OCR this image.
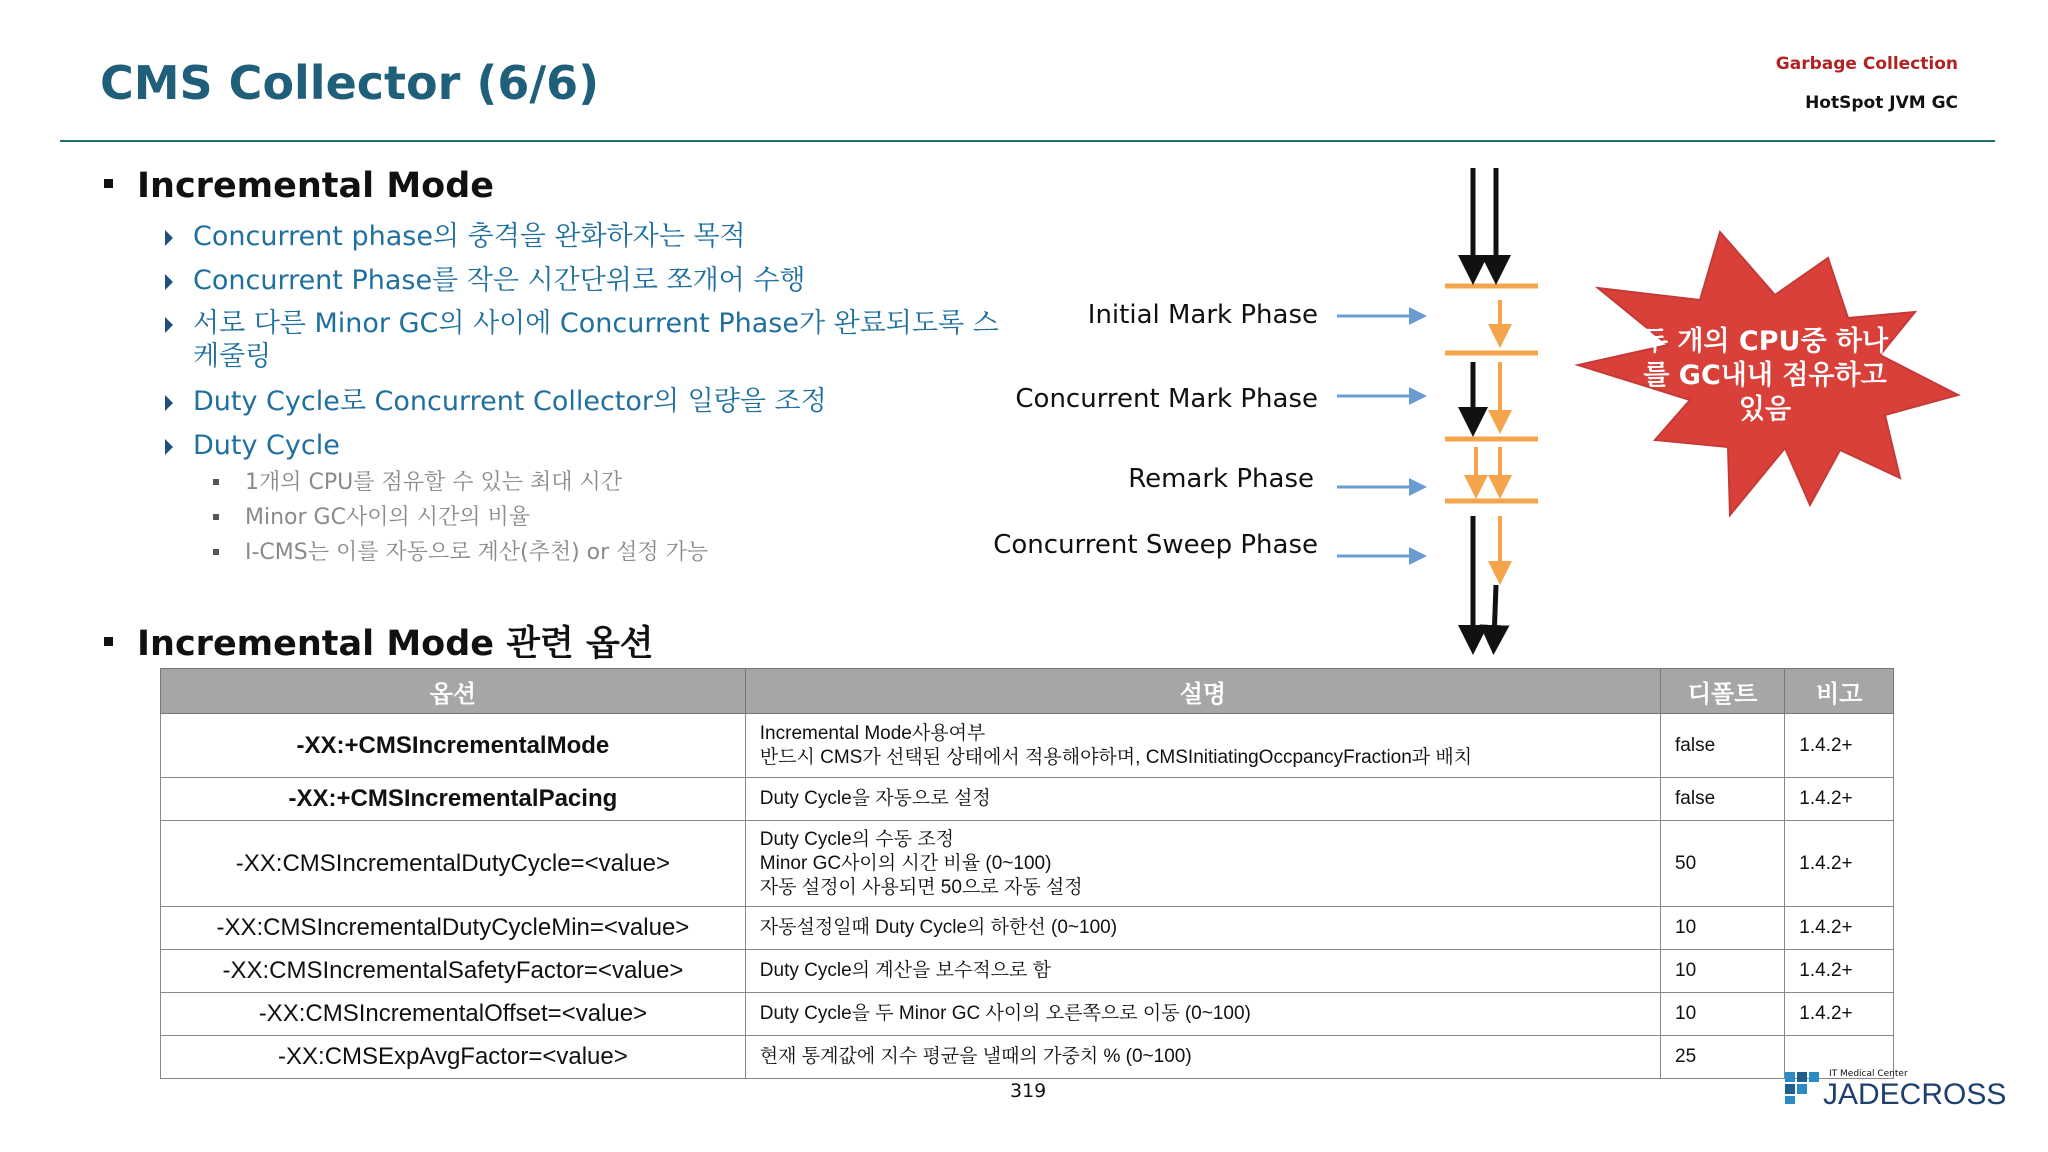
CMS Collector (6/6)	Garbage Collection
HotSpot JVM GC
Incremental Mode
Concurrent phase의 충격을 완화하자는 목적
Concurrent Phase를 작은 시간단위로 쪼개어 수행
서로 다른 Minor GC의 사이에 Concurrent Phase가 완료되도록 스케줄링
Duty Cycle로 Concurrent Collector의 일량을 조정
Duty Cycle
1개의 CPU를 점유할 수 있는 최대 시간
Minor GC사이의 시간의 비율
I-CMS는 이를 자동으로 계산(추천) or 설정 가능
Initial Mark Phase
Concurrent Mark Phase
Remark Phase
Concurrent Sweep Phase
두 개의 CPU중 하나를 GC내내 점유하고 있음
Incremental Mode 관련 옵션
옵션	설명	디폴트	비고
-XX:+CMSIncrementalMode	Incremental Mode사용여부
반드시 CMS가 선택된 상태에서 적용해야하며, CMSInitiatingOccpancyFraction과 배치	false	1.4.2+
-XX:+CMSIncrementalPacing	Duty Cycle을 자동으로 설정	false	1.4.2+
-XX:CMSIncrementalDutyCycle=<value>	Duty Cycle의 수동 조정
Minor GC사이의 시간 비율 (0~100)
자동 설정이 사용되면 50으로 자동 설정	50	1.4.2+
-XX:CMSIncrementalDutyCycleMin=<value>	자동설정일때 Duty Cycle의 하한선 (0~100)	10	1.4.2+
-XX:CMSIncrementalSafetyFactor=<value>	Duty Cycle의 계산을 보수적으로 함	10	1.4.2+
-XX:CMSIncrementalOffset=<value>	Duty Cycle을 두 Minor GC 사이의 오른쪽으로 이동 (0~100)	10	1.4.2+
-XX:CMSExpAvgFactor=<value>	현재 통계값에 지수 평균을 낼때의 가중치 % (0~100)	25	
319
IT Medical Center
JADECROSS
